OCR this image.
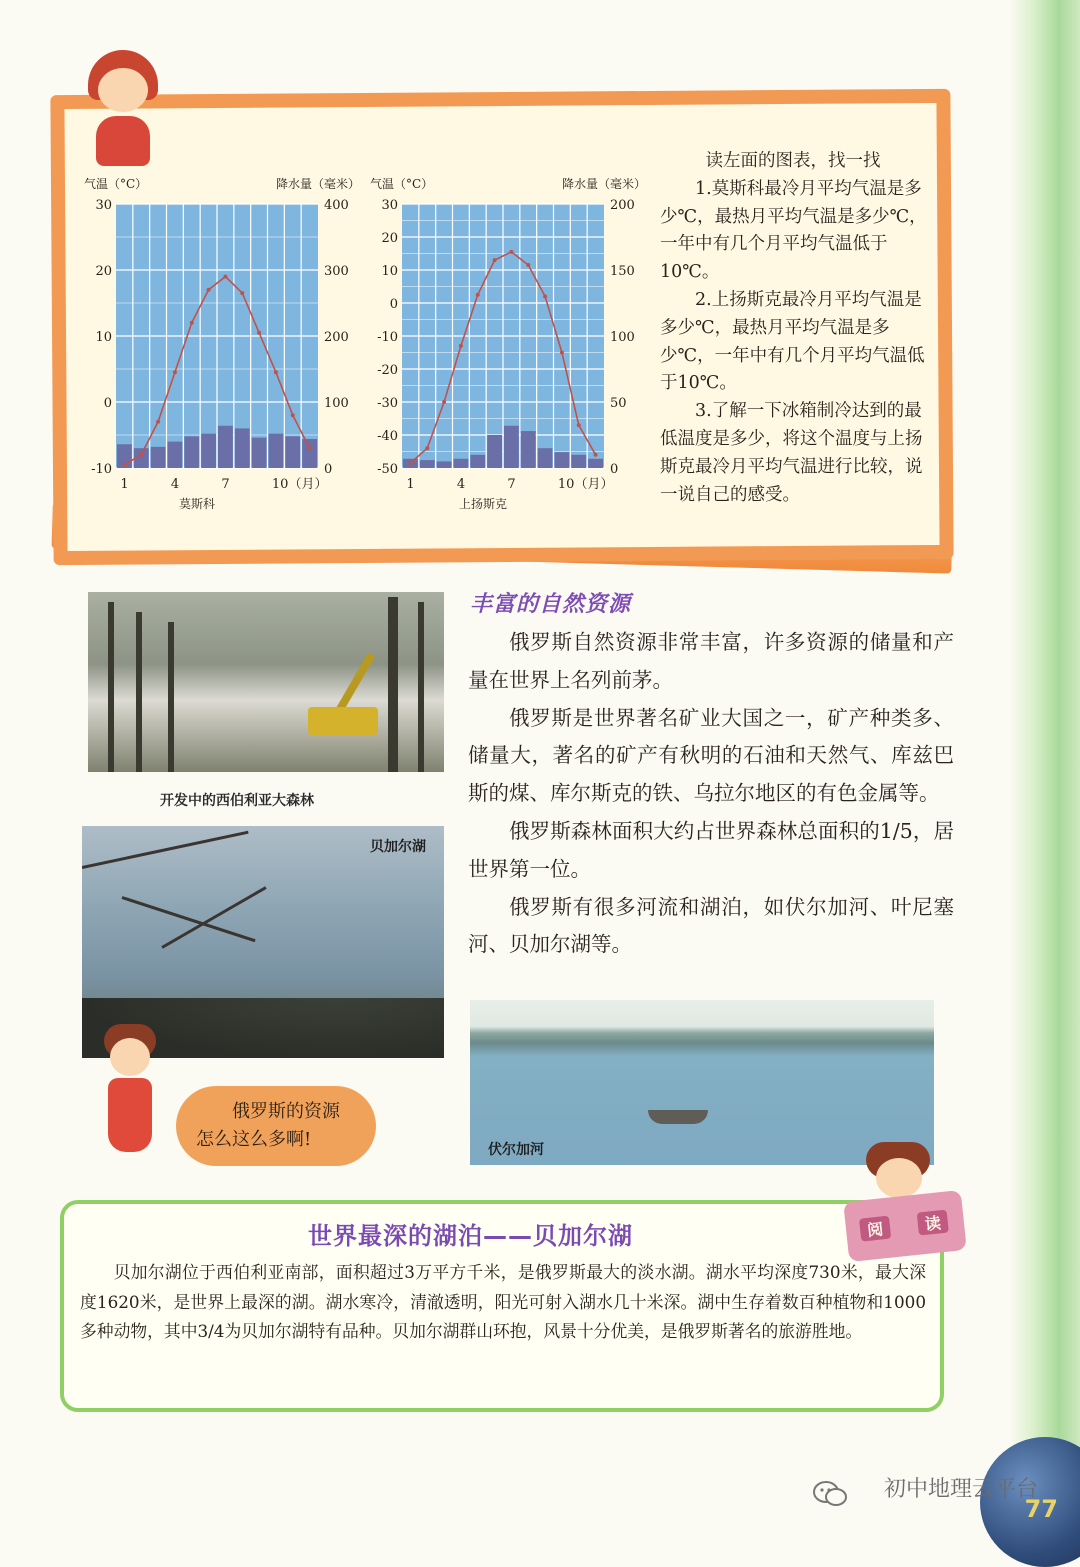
30
20
10
0
-10
400
300
200
100
0
1	4	7	10（月）
气温（°C）	降水量（毫米）
莫斯科
30
20
10
0
-10
-20
-30
-40
-50
200
150
100
50
0
1	4	7	10（月）
气温（°C）	降水量（毫米）
上扬斯克

读左面的图表，找一找

1.莫斯科最冷月平均气温是多少℃，最热月平均气温是多少℃，一年中有几个月平均气温低于10℃。

2.上扬斯克最冷月平均气温是多少℃，最热月平均气温是多少℃，一年中有几个月平均气温低于10℃。

3.了解一下冰箱制冷达到的最低温度是多少，将这个温度与上扬斯克最冷月平均气温进行比较，说一说自己的感受。

开发中的西伯利亚大森林
贝加尔湖
伏尔加河
丰富的自然资源

俄罗斯自然资源非常丰富，许多资源的储量和产量在世界上名列前茅。

俄罗斯是世界著名矿业大国之一，矿产种类多、储量大，著名的矿产有秋明的石油和天然气、库兹巴斯的煤、库尔斯克的铁、乌拉尔地区的有色金属等。

俄罗斯森林面积大约占世界森林总面积的1/5，居世界第一位。

俄罗斯有很多河流和湖泊，如伏尔加河、叶尼塞河、贝加尔湖等。

俄罗斯的资源
怎么这么多啊!
阅	读
世界最深的湖泊——贝加尔湖

贝加尔湖位于西伯利亚南部，面积超过3万平方千米，是俄罗斯最大的淡水湖。湖水平均深度730米，最大深度1620米，是世界上最深的湖。湖水寒冷，清澈透明，阳光可射入湖水几十米深。湖中生存着数百种植物和1000多种动物，其中3/4为贝加尔湖特有品种。贝加尔湖群山环抱，风景十分优美，是俄罗斯著名的旅游胜地。

77
初中地理云平台
